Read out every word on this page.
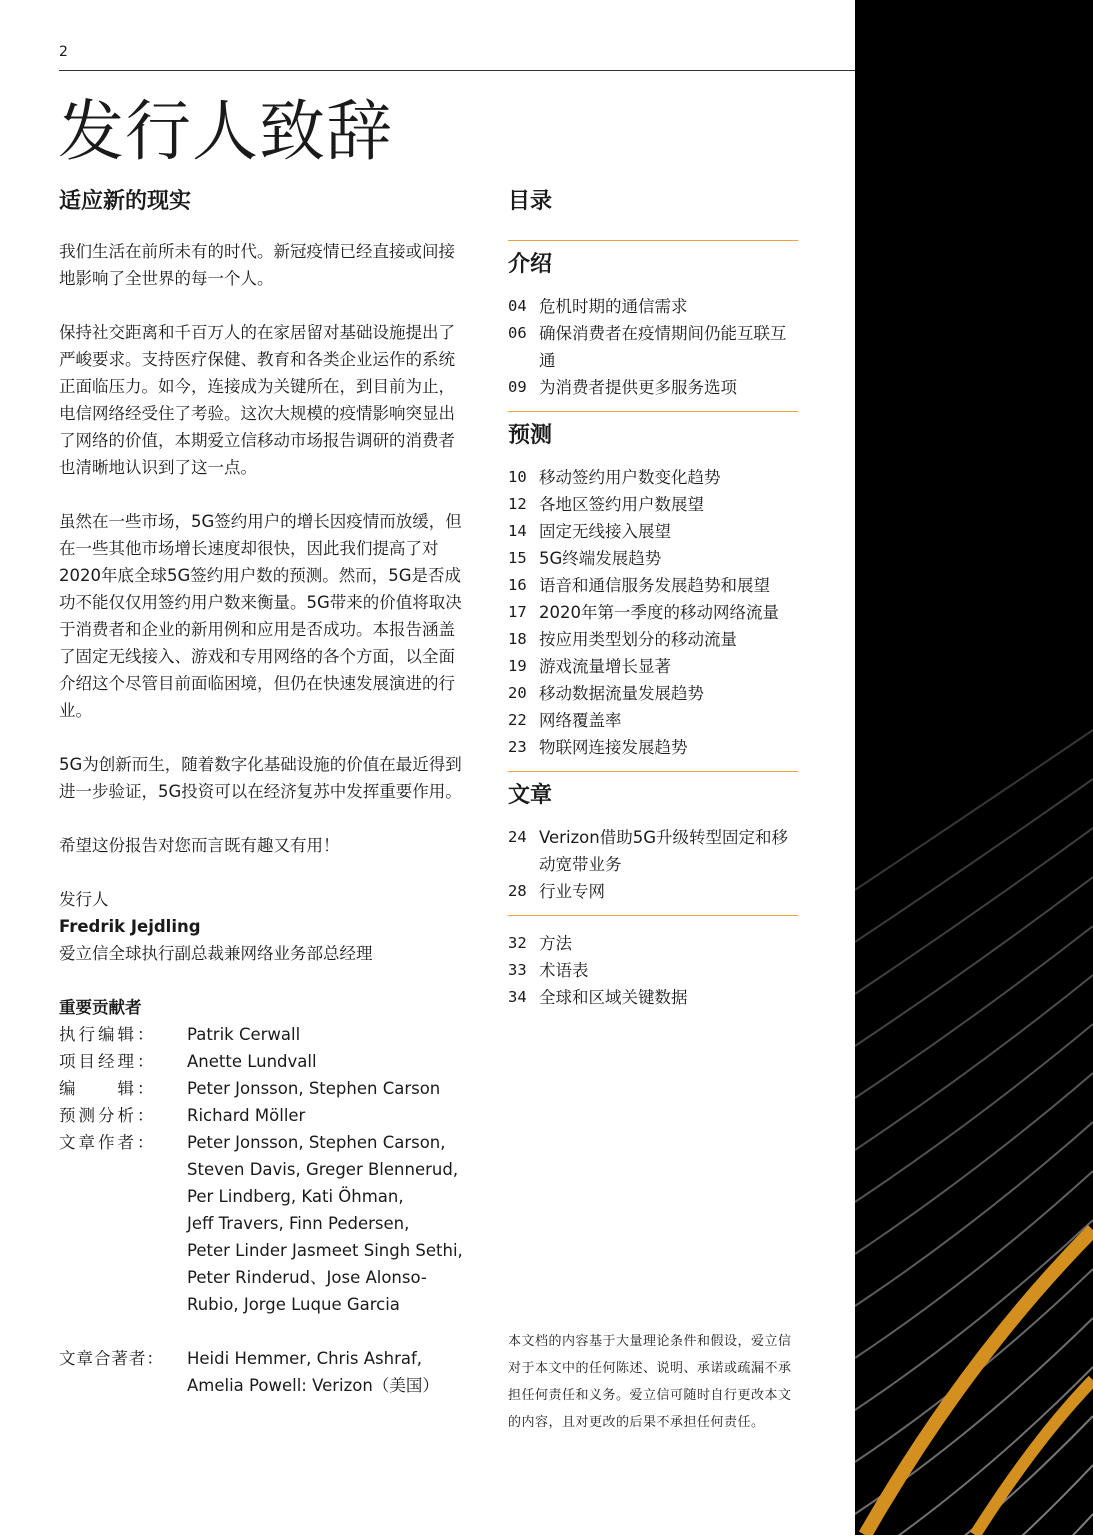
2
发行人致辞
适应新的现实

我们生活在前所未有的时代。新冠疫情已经直接或间接地影响了全世界的每一个人。

保持社交距离和千百万人的在家居留对基础设施提出了严峻要求。支持医疗保健、教育和各类企业运作的系统正面临压力。如今，连接成为关键所在，到目前为止，电信网络经受住了考验。这次大规模的疫情影响突显出了网络的价值，本期爱立信移动市场报告调研的消费者也清晰地认识到了这一点。

虽然在一些市场，5G签约用户的增长因疫情而放缓，但在一些其他市场增长速度却很快，因此我们提高了对2020年底全球5G签约用户数的预测。然而，5G是否成功不能仅仅用签约用户数来衡量。5G带来的价值将取决于消费者和企业的新用例和应用是否成功。本报告涵盖了固定无线接入、游戏和专用网络的各个方面，以全面介绍这个尽管目前面临困境，但仍在快速发展演进的行业。

5G为创新而生，随着数字化基础设施的价值在最近得到进一步验证，5G投资可以在经济复苏中发挥重要作用。

希望这份报告对您而言既有趣又有用！

发行人
Fredrik Jejdling
爱立信全球执行副总裁兼网络业务部总经理
重要贡献者
执行编辑：	Patrik Cerwall
项目经理：	Anette Lundvall
编　　辑：	Peter Jonsson, Stephen Carson
预测分析：	Richard Möller
文章作者：	Peter Jonsson, Stephen Carson,
Steven Davis, Greger Blennerud,
Per Lindberg, Kati Öhman,
Jeff Travers, Finn Pedersen,
Peter Linder Jasmeet Singh Sethi,
Peter Rinderud、Jose Alonso-
Rubio, Jorge Luque Garcia
文章合著者：	Heidi Hemmer, Chris Ashraf,
Amelia Powell: Verizon（美国）
目录
介绍
04 危机时期的通信需求
06 确保消费者在疫情期间仍能互联互通
09 为消费者提供更多服务选项
预测
10 移动签约用户数变化趋势
12 各地区签约用户数展望
14 固定无线接入展望
15 5G终端发展趋势
16 语音和通信服务发展趋势和展望
17 2020年第一季度的移动网络流量
18 按应用类型划分的移动流量
19 游戏流量增长显著
20 移动数据流量发展趋势
22 网络覆盖率
23 物联网连接发展趋势
文章
24 Verizon借助5G升级转型固定和移动宽带业务
28 行业专网
32 方法
33 术语表
34 全球和区域关键数据
本文档的内容基于大量理论条件和假设，爱立信对于本文中的任何陈述、说明、承诺或疏漏不承担任何责任和义务。爱立信可随时自行更改本文的内容，且对更改的后果不承担任何责任。
